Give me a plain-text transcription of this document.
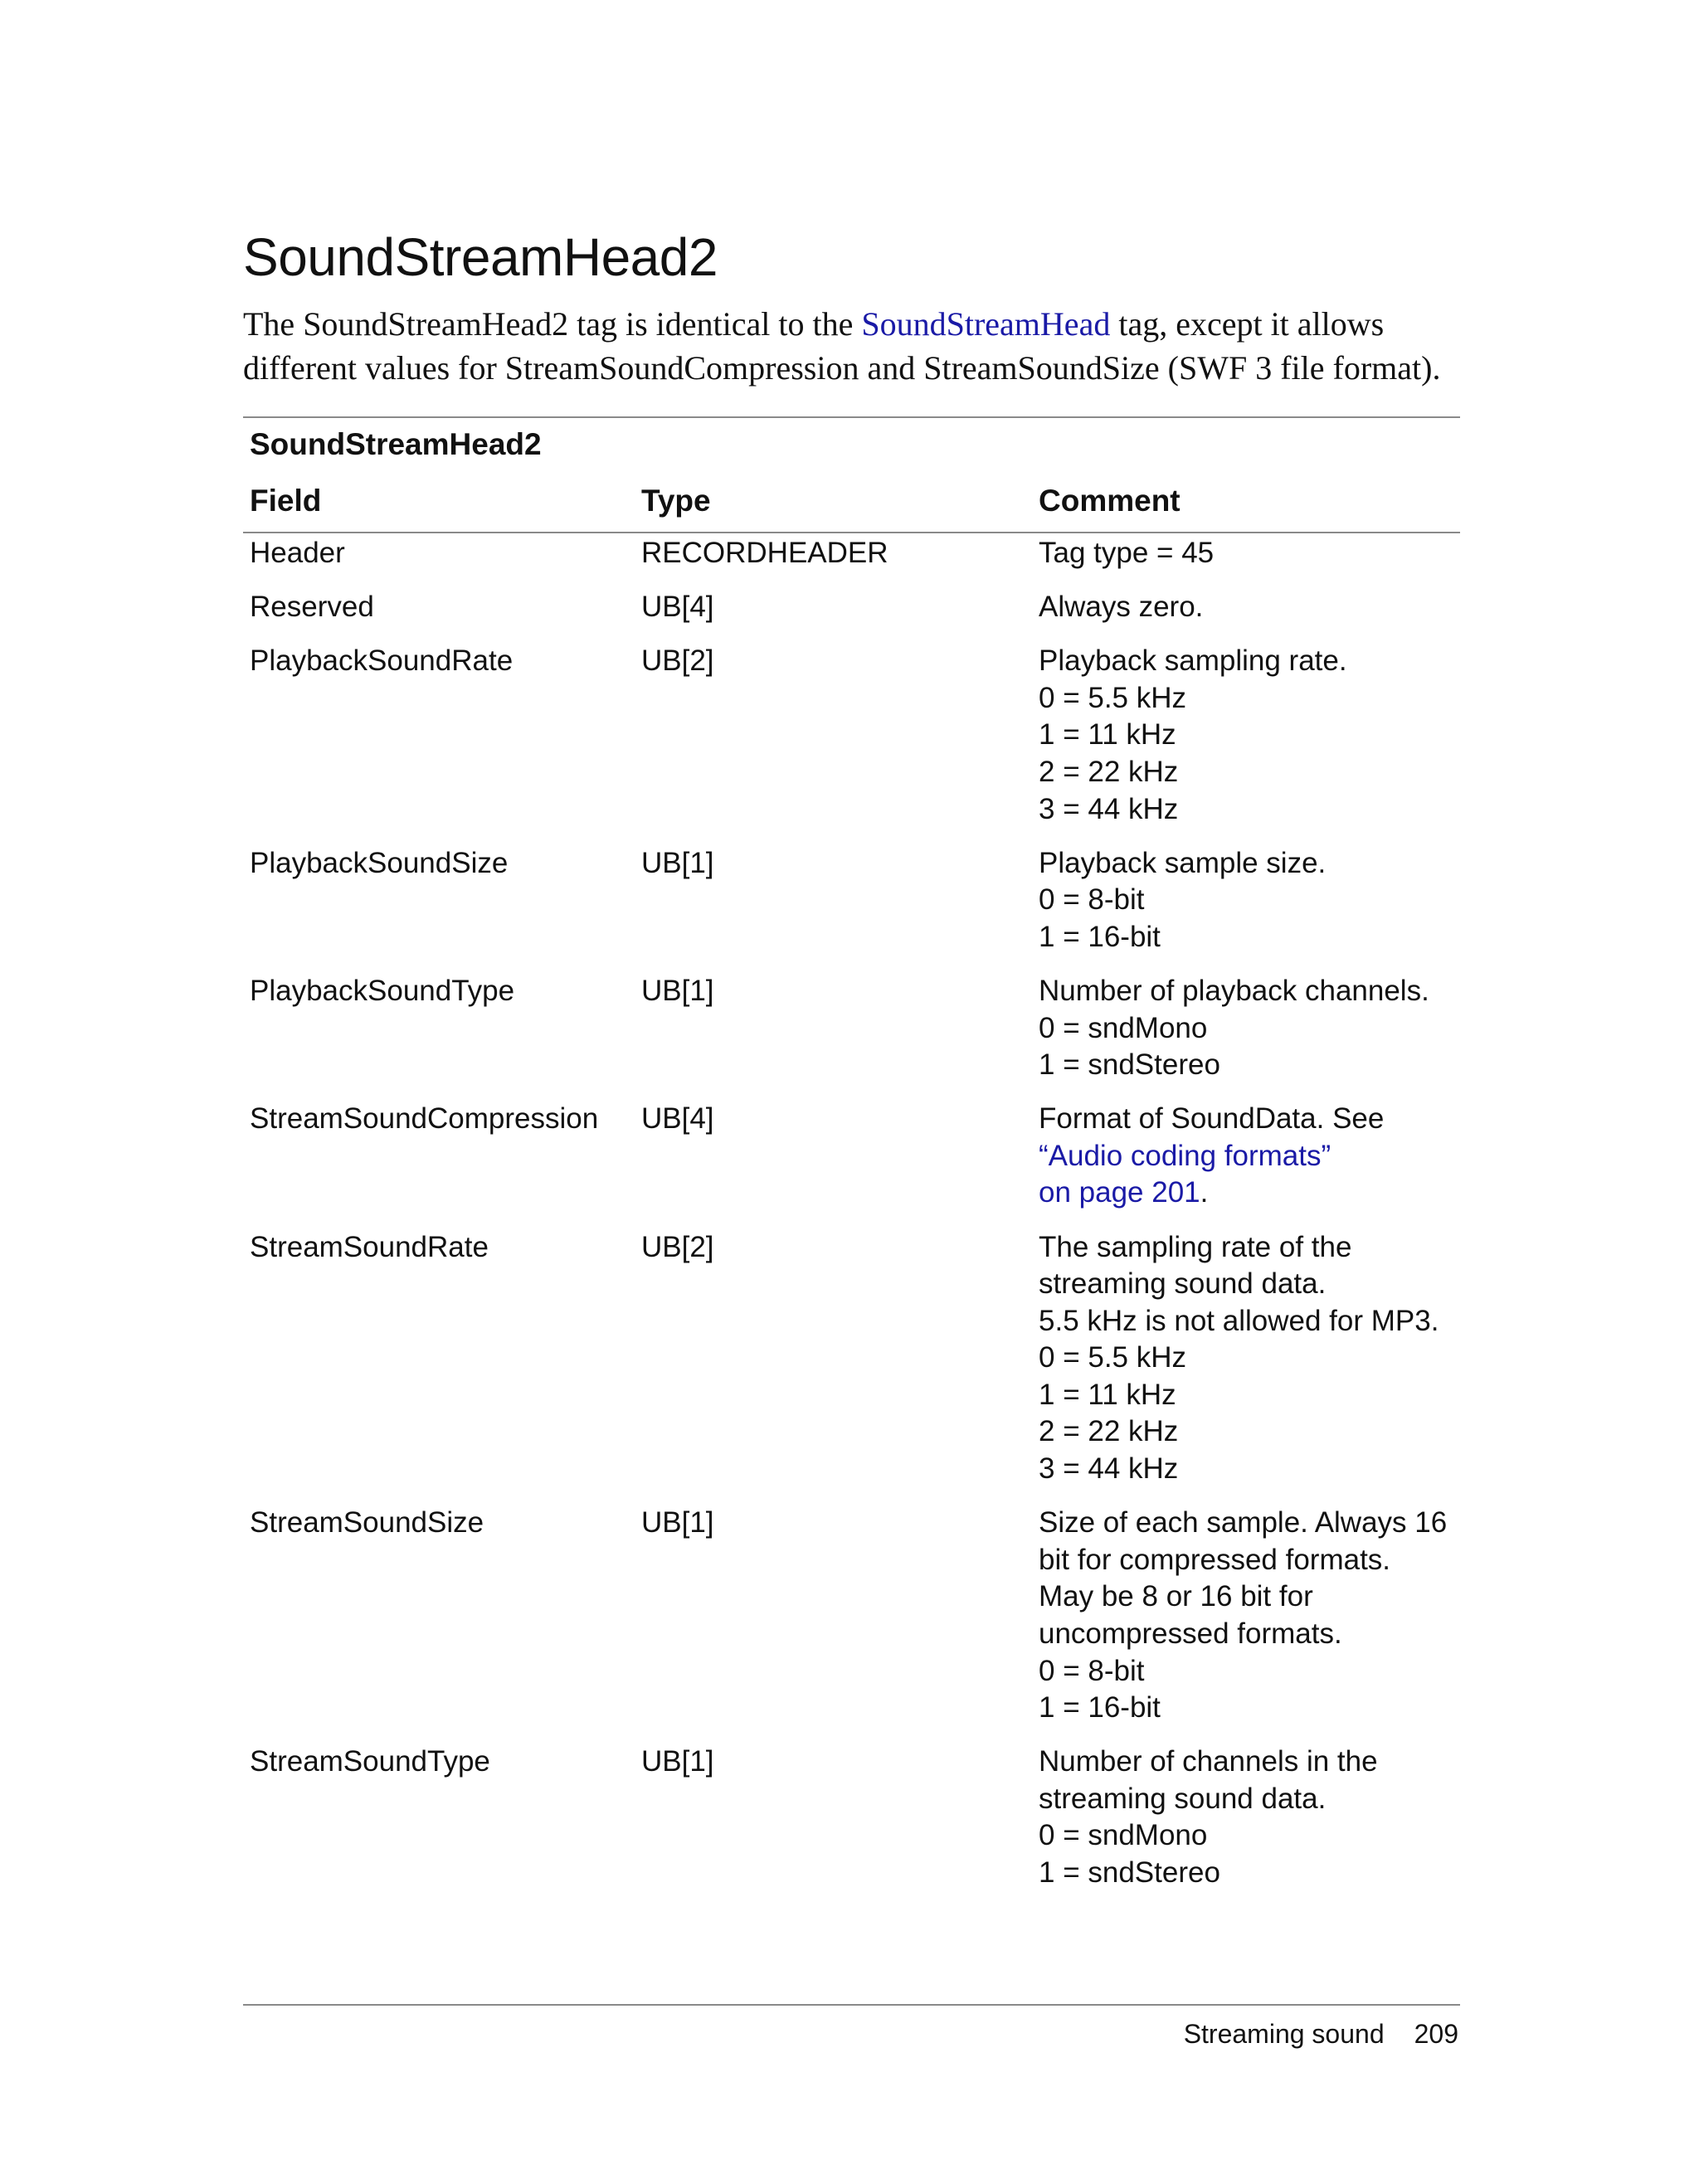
SoundStreamHead2

The SoundStreamHead2 tag is identical to the SoundStreamHead tag, except it allows different values for StreamSoundCompression and StreamSoundSize (SWF 3 file format).

SoundStreamHead2
Field	Type	Comment
Header	RECORDHEADER	Tag type = 45
Reserved	UB[4]	Always zero.
PlaybackSoundRate	UB[2]	Playback sampling rate.
0 = 5.5 kHz
1 = 11 kHz
2 = 22 kHz
3 = 44 kHz
PlaybackSoundSize	UB[1]	Playback sample size.
0 = 8-bit
1 = 16-bit
PlaybackSoundType	UB[1]	Number of playback channels.
0 = sndMono
1 = sndStereo
StreamSoundCompression	UB[4]	Format of SoundData. See
“Audio coding formats”
on page 201.
StreamSoundRate	UB[2]	The sampling rate of the
streaming sound data.
5.5 kHz is not allowed for MP3.
0 = 5.5 kHz
1 = 11 kHz
2 = 22 kHz
3 = 44 kHz
StreamSoundSize	UB[1]	Size of each sample. Always 16
bit for compressed formats.
May be 8 or 16 bit for
uncompressed formats.
0 = 8-bit
1 = 16-bit
StreamSoundType	UB[1]	Number of channels in the
streaming sound data.
0 = sndMono
1 = sndStereo
Streaming sound 209
